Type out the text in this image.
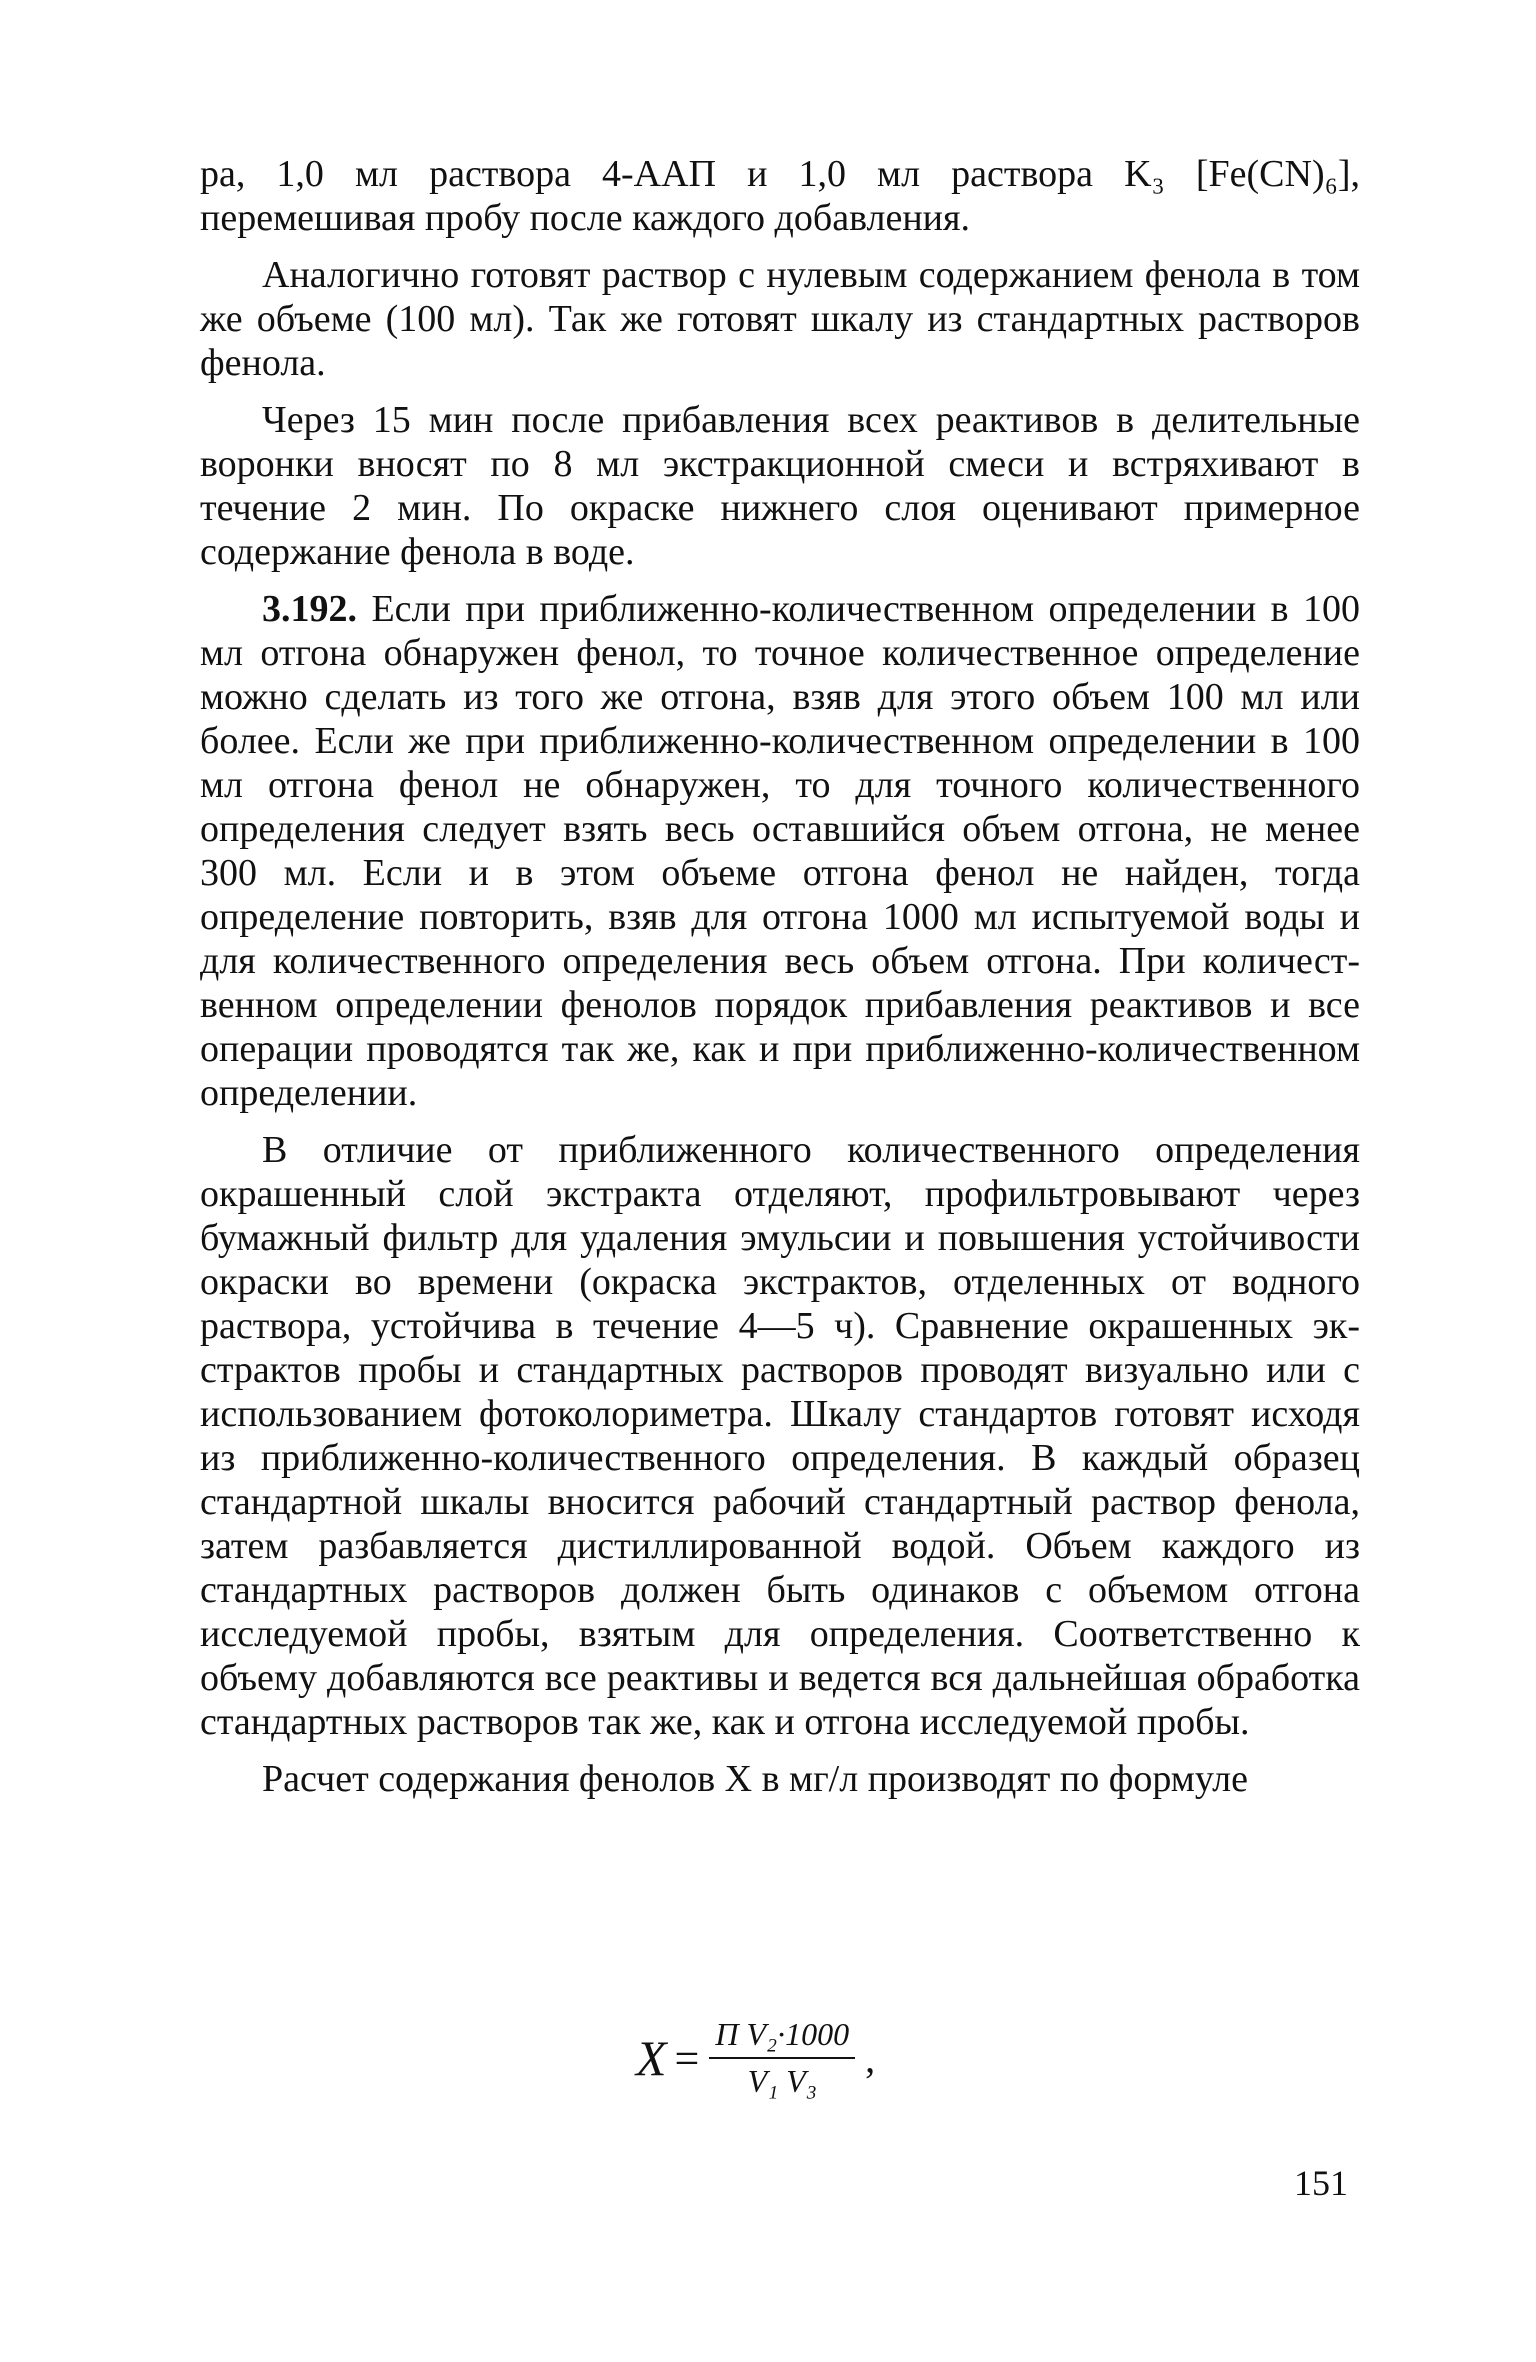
ра, 1,0 мл раствора 4-ААП и 1,0 мл раствора K₃ [Fe(CN)₆], перемешивая пробу после каждого добавления.

Аналогично готовят раствор с нулевым содержанием фенола в том же объеме (100 мл). Так же готовят шкалу из стандартных растворов фенола.

Через 15 мин после прибавления всех реактивов в делительные воронки вносят по 8 мл экстракционной смеси и встряхивают в течение 2 мин. По окраске нижнего слоя оценивают примерное содержание фенола в воде.

3.192. Если при приближенно-количественном определении в 100 мл отгона обнаружен фенол, то точное количественное определение можно сделать из того же отгона, взяв для этого объем 100 мл или более. Если же при приближенно-количественном определении в 100 мл отгона фенол не обнаружен, то для точного количественного определения следует взять весь оставшийся объем отгона, не менее 300 мл. Если и в этом объеме отгона фенол не найден, тогда определение повторить, взяв для отгона 1000 мл испытуемой воды и для количественного определения весь объем отгона. При количественном определении фенолов порядок прибавления реактивов и все операции проводятся так же, как и при приближенно-количественном определении.

В отличие от приближенного количественного определения окрашенный слой экстракта отделяют, профильтровывают через бумажный фильтр для удаления эмульсии и повышения устойчивости окраски во времени (окраска экстрактов, отделенных от водного раствора, устойчива в течение 4—5 ч). Сравнение окрашенных экстрактов пробы и стандартных растворов проводят визуально или с использованием фотоколориметра. Шкалу стандартов готовят исходя из приближенно-количественного определения. В каждый образец стандартной шкалы вносится рабочий стандартный раствор фенола, затем разбавляется дистиллированной водой. Объем каждого из стандартных растворов должен быть одинаков с объемом отгона исследуемой пробы, взятым для определения. Соответственно к объему добавляются все реактивы и ведется вся дальнейшая обработка стандартных растворов так же, как и отгона исследуемой пробы.

Расчет содержания фенолов X в мг/л производят по формуле

$X = \frac{\text{П V₂·1000}}{\text{V₁ V₃}}$ ,
151
